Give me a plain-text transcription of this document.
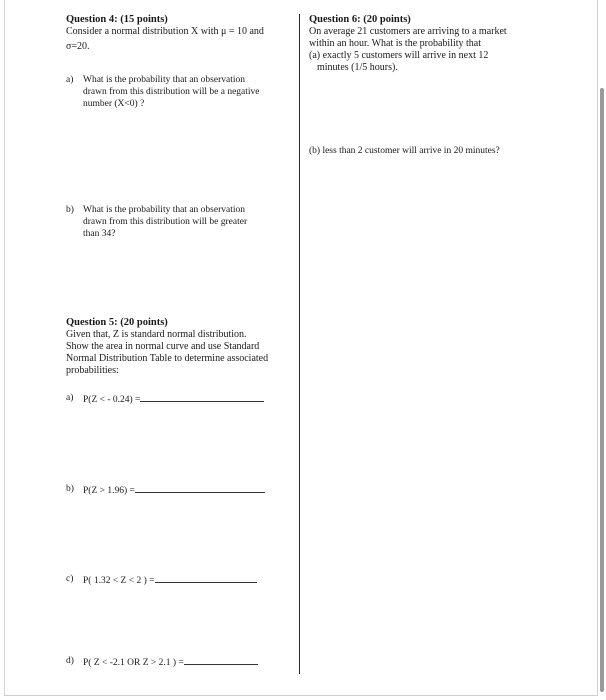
Question 4: (15 points)

Consider a normal distribution X with μ = 10 and

σ=20.

a) What is the probability that an observation
drawn from this distribution will be a negative
number (X<0) ?
b) What is the probability that an observation
drawn from this distribution will be greater
than 34?

Question 5: (20 points)

Given that, Z is standard normal distribution.

Show the area in normal curve and use Standard

Normal Distribution Table to determine associated

probabilities:

a) P(Z < - 0.24) =
b) P(Z > 1.96) =
c) P( 1.32 < Z < 2 ) =
d) P( Z < -2.1 OR Z > 2.1 ) =

Question 6: (20 points)

On average 21 customers are arriving to a market

within an hour. What is the probability that

(a) exactly 5 customers will arrive in next 12

minutes (1/5 hours).

(b) less than 2 customer will arrive in 20 minutes?
